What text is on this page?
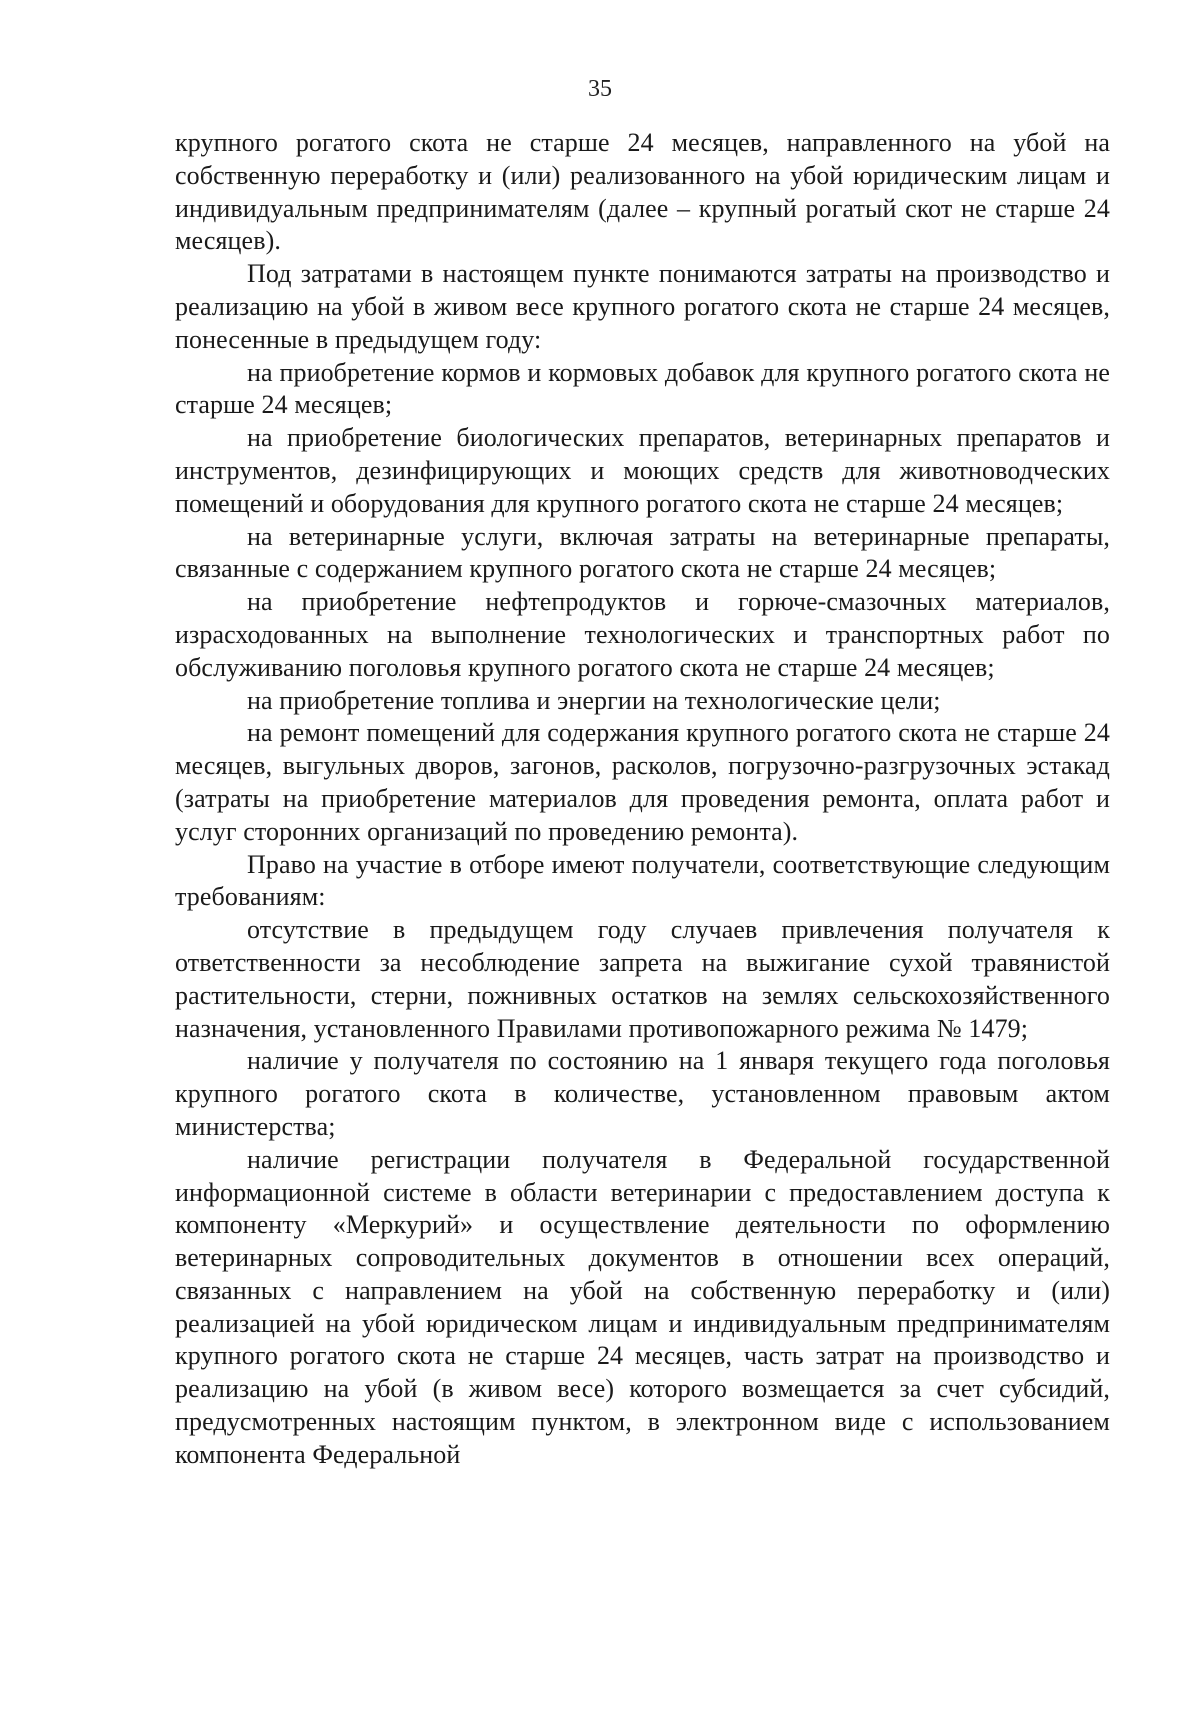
35

крупного рогатого скота не старше 24 месяцев, направленного на убой на собственную переработку и (или) реализованного на убой юридическим лицам и индивидуальным предпринимателям (далее – крупный рогатый скот не старше 24 месяцев).

Под затратами в настоящем пункте понимаются затраты на производство и реализацию на убой в живом весе крупного рогатого скота не старше 24 месяцев, понесенные в предыдущем году:

на приобретение кормов и кормовых добавок для крупного рогатого скота не старше 24 месяцев;

на приобретение биологических препаратов, ветеринарных препаратов и инструментов, дезинфицирующих и моющих средств для животноводческих помещений и оборудования для крупного рогатого скота не старше 24 месяцев;

на ветеринарные услуги, включая затраты на ветеринарные препараты, связанные с содержанием крупного рогатого скота не старше 24 месяцев;

на приобретение нефтепродуктов и горюче-смазочных материалов, израсходованных на выполнение технологических и транспортных работ по обслуживанию поголовья крупного рогатого скота не старше 24 месяцев;

на приобретение топлива и энергии на технологические цели;

на ремонт помещений для содержания крупного рогатого скота не старше 24 месяцев, выгульных дворов, загонов, расколов, погрузочно-разгрузочных эстакад (затраты на приобретение материалов для проведения ремонта, оплата работ и услуг сторонних организаций по проведению ремонта).

Право на участие в отборе имеют получатели, соответствующие следующим требованиям:

отсутствие в предыдущем году случаев привлечения получателя к ответственности за несоблюдение запрета на выжигание сухой травянистой растительности, стерни, пожнивных остатков на землях сельскохозяйственного назначения, установленного Правилами противопожарного режима № 1479;

наличие у получателя по состоянию на 1 января текущего года поголовья крупного рогатого скота в количестве, установленном правовым актом министерства;

наличие регистрации получателя в Федеральной государственной информационной системе в области ветеринарии с предоставлением доступа к компоненту «Меркурий» и осуществление деятельности по оформлению ветеринарных сопроводительных документов в отношении всех операций, связанных с направлением на убой на собственную переработку и (или) реализацией на убой юридическом лицам и индивидуальным предпринимателям крупного рогатого скота не старше 24 месяцев, часть затрат на производство и реализацию на убой (в живом весе) которого возмещается за счет субсидий, предусмотренных настоящим пунктом, в электронном виде с использованием компонента Федеральной
